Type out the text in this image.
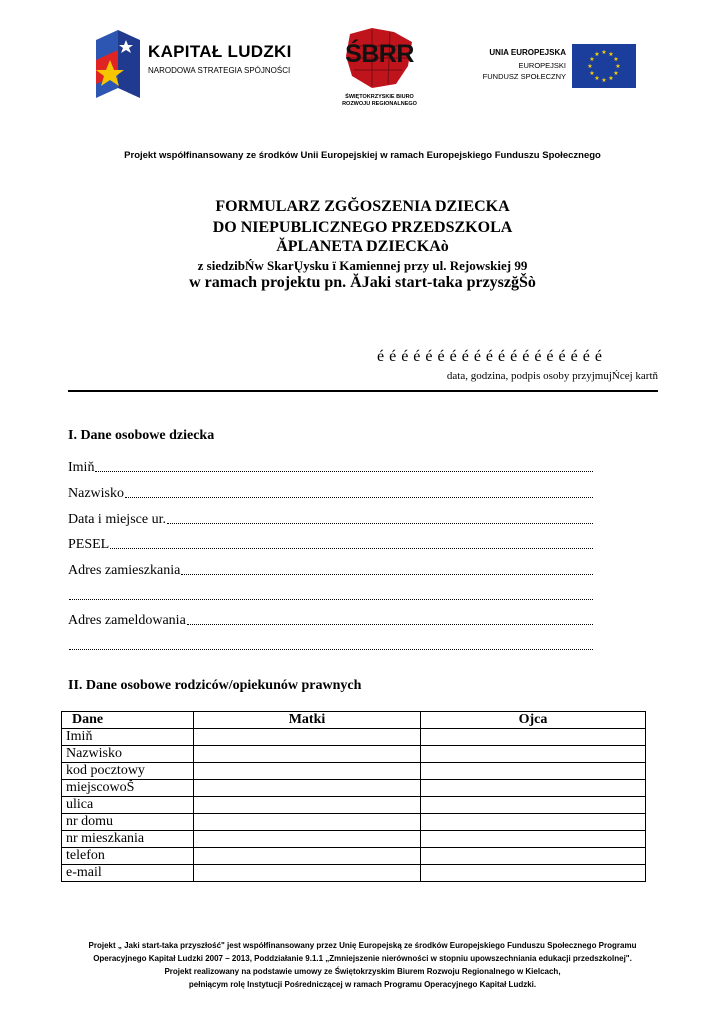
KAPITAŁ LUDZKI
NARODOWA STRATEGIA SPÓJNOŚCI
ŚBRR
ŚWIĘTOKRZYSKIE BIURO
ROZWOJU REGIONALNEGO
UNIA EUROPEJSKA
EUROPEJSKI
FUNDUSZ SPOŁECZNY
★ ★
★
★
★
★
★
★
★
★
★
★
Projekt współfinansowany ze środków Unii Europejskiej w ramach Europejskiego Funduszu Społecznego
FORMULARZ ZGĞOSZENIA DZIECKA
DO NIEPUBLICZNEGO PRZEDSZKOLA
ĂPLANETA DZIECKAò
z siedzibŃw SkarŲysku ï Kamiennej przy ul. Rejowskiej 99
w ramach projektu pn. ĂJaki start-taka przyszğŠò
é é é é é é é é é é é é é é é é é é é
data, godzina, podpis osoby przyjmujŃcej kartň
I. Dane osobowe dziecka
Imiň
Nazwisko
Data i miejsce ur.
PESEL
Adres zamieszkania
Adres zameldowania
II. Dane osobowe rodziców/opiekunów prawnych
Dane	Matki	Ojca
Imiň		
Nazwisko		
kod pocztowy		
miejscowoŠ		
ulica		
nr domu		
nr mieszkania		
telefon		
e-mail		
Projekt „ Jaki start-taka przyszłość" jest współfinansowany przez Unię Europejską ze środków Europejskiego Funduszu Społecznego Programu
Operacyjnego Kapitał Ludzki 2007 – 2013, Poddziałanie 9.1.1 „Zmniejszenie nierówności w stopniu upowszechniania edukacji przedszkolnej".
Projekt realizowany na podstawie umowy ze Świętokrzyskim Biurem Rozwoju Regionalnego w Kielcach,
pełniącym rolę Instytucji Pośredniczącej w ramach Programu Operacyjnego Kapitał Ludzki.
